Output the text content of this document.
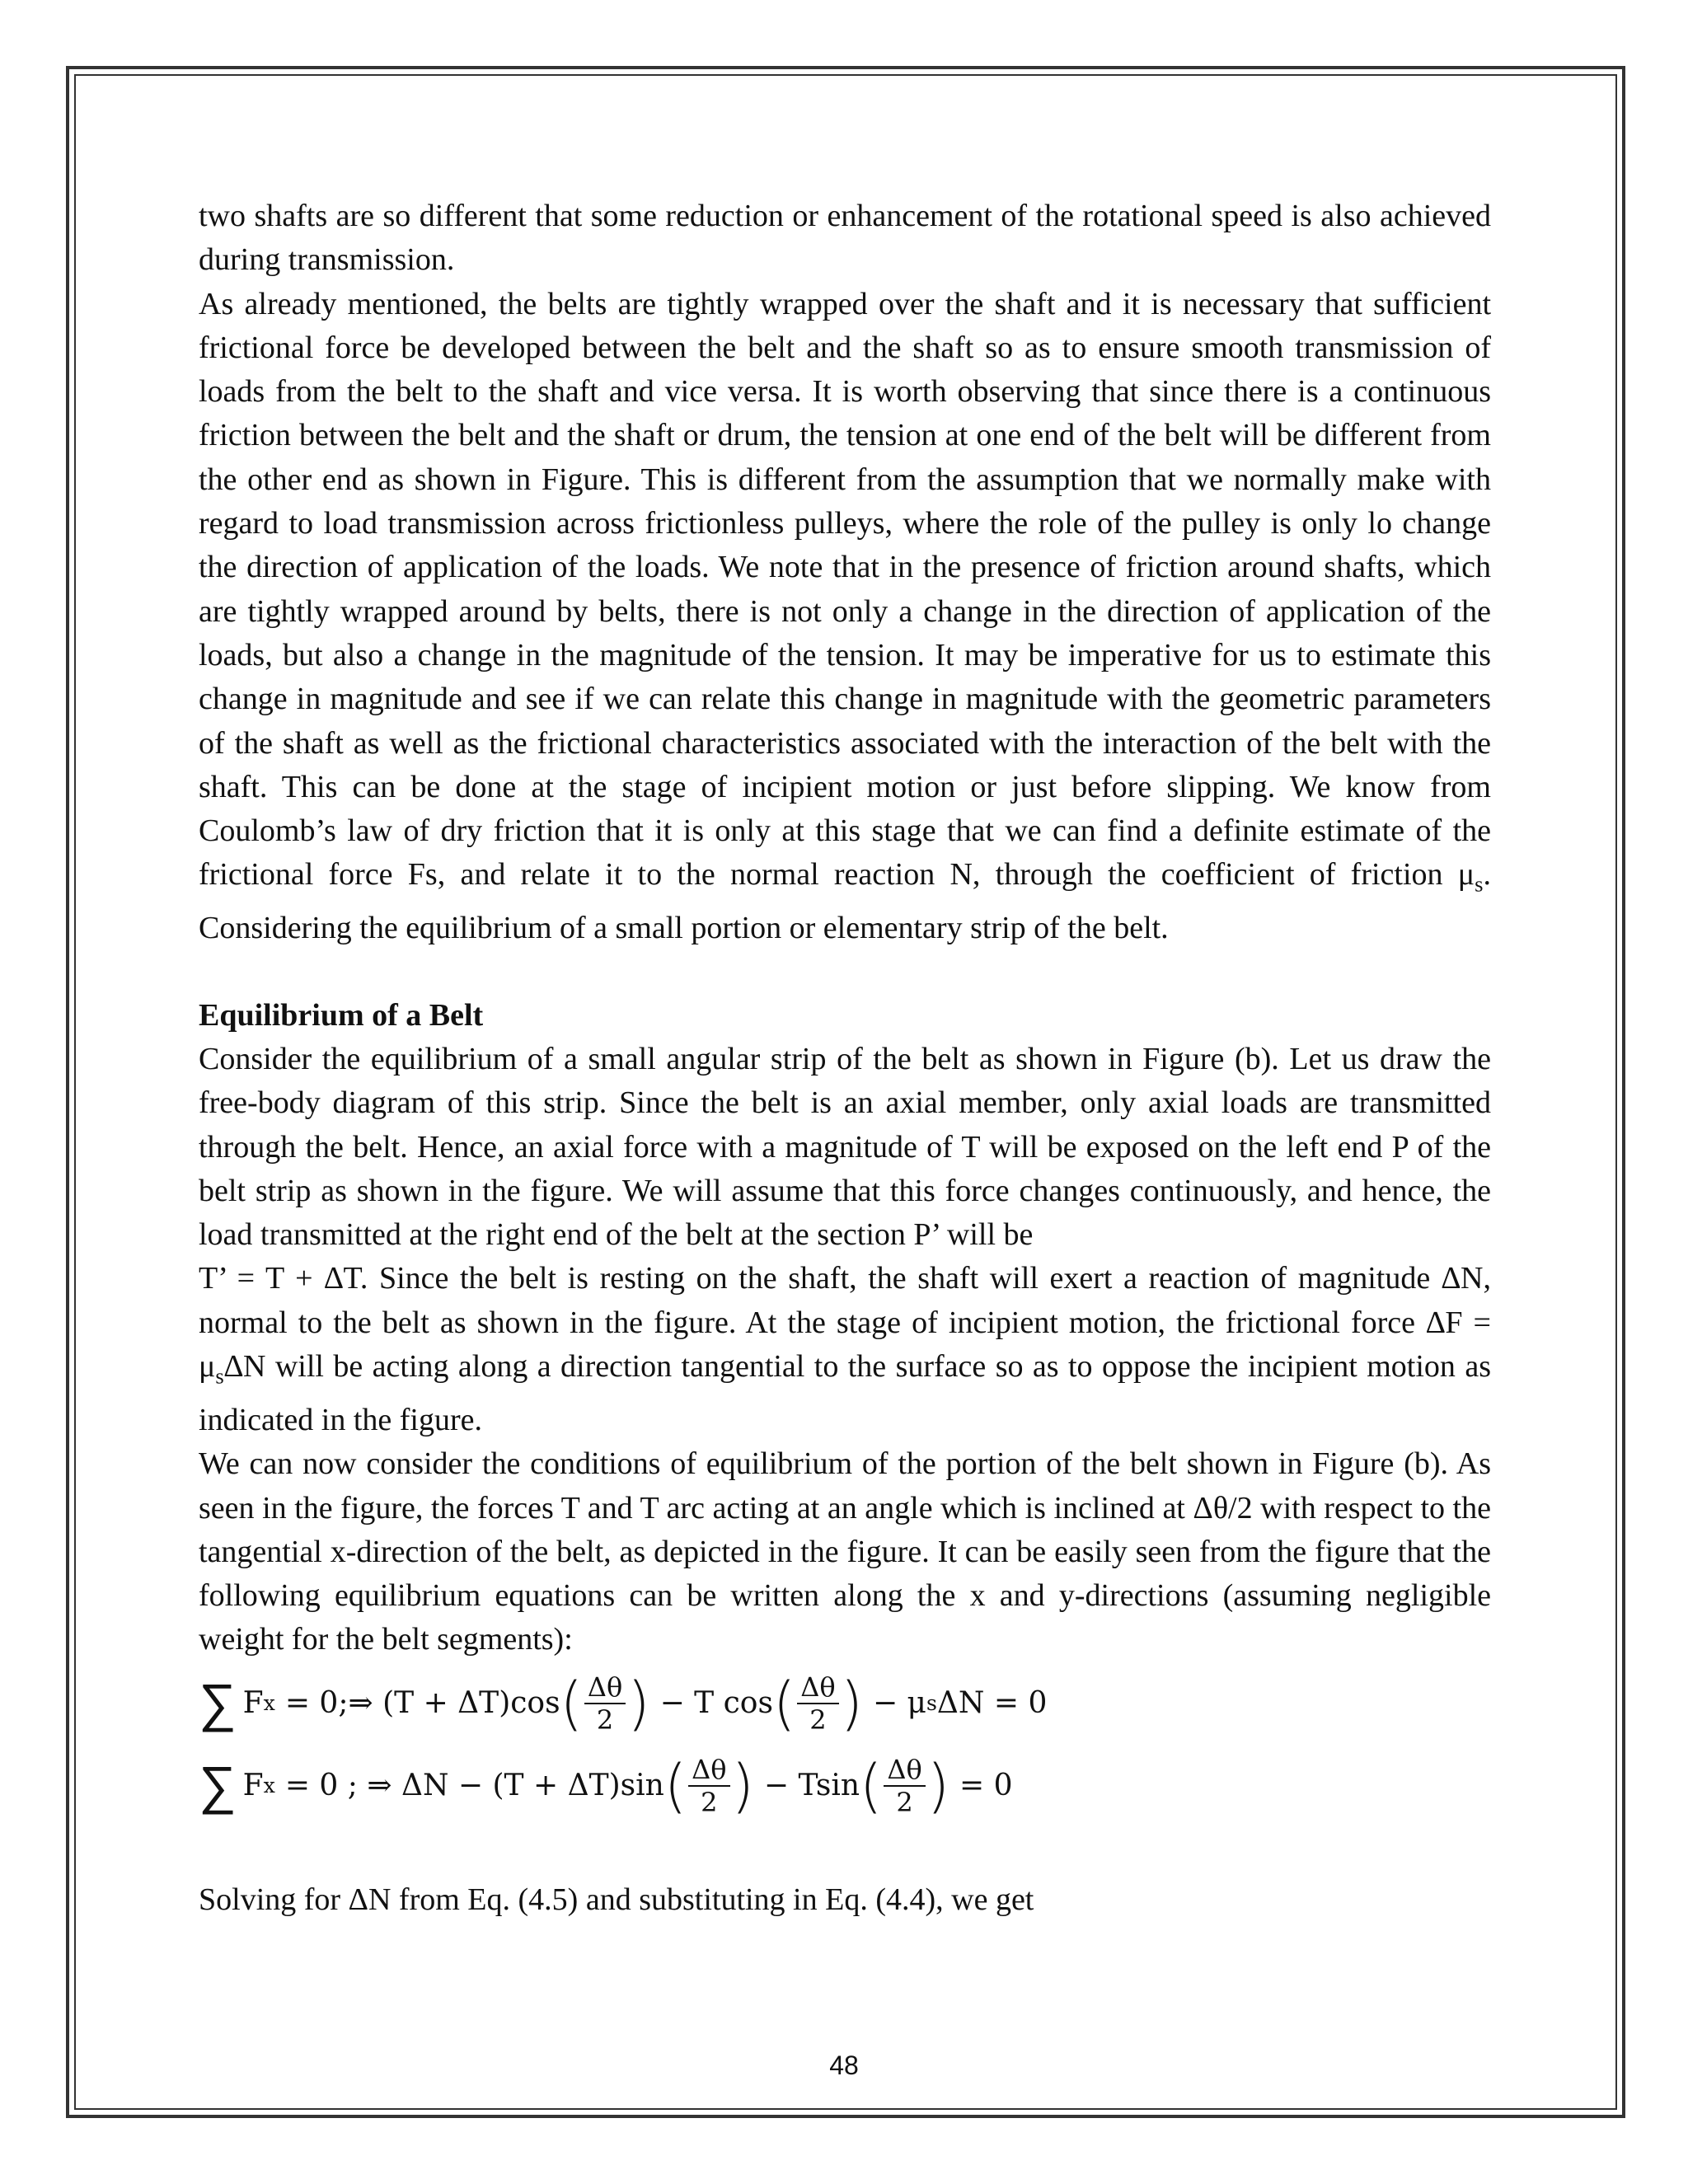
two shafts are so different that some reduction or enhancement of the rotational speed is also achieved during transmission.

As already mentioned, the belts are tightly wrapped over the shaft and it is necessary that sufficient frictional force be developed between the belt and the shaft so as to ensure smooth transmission of loads from the belt to the shaft and vice versa. It is worth observing that since there is a continuous friction between the belt and the shaft or drum, the tension at one end of the belt will be different from the other end as shown in Figure. This is different from the assumption that we normally make with regard to load transmission across frictionless pulleys, where the role of the pulley is only lo change the direction of application of the loads. We note that in the presence of friction around shafts, which are tightly wrapped around by belts, there is not only a change in the direction of application of the loads, but also a change in the magnitude of the tension. It may be imperative for us to estimate this change in magnitude and see if we can relate this change in magnitude with the geometric parameters of the shaft as well as the frictional characteristics associated with the interaction of the belt with the shaft. This can be done at the stage of incipient motion or just before slipping. We know from Coulomb’s law of dry friction that it is only at this stage that we can find a definite estimate of the frictional force Fs, and relate it to the normal reaction N, through the coefficient of friction $\mu_s$. Considering the equilibrium of a small portion or elementary strip of the belt.

Equilibrium of a Belt

Consider the equilibrium of a small angular strip of the belt as shown in Figure (b). Let us draw the free-body diagram of this strip. Since the belt is an axial member, only axial loads are transmitted through the belt. Hence, an axial force with a magnitude of T will be exposed on the left end P of the belt strip as shown in the figure. We will assume that this force changes continuously, and hence, the load transmitted at the right end of the belt at the section P’ will be

T’ = T + ∆T. Since the belt is resting on the shaft, the shaft will exert a reaction of magnitude ∆N, normal to the belt as shown in the figure. At the stage of incipient motion, the frictional force $\Delta F = \mu_s\Delta N$ will be acting along a direction tangential to the surface so as to oppose the incipient motion as indicated in the figure.

We can now consider the conditions of equilibrium of the portion of the belt shown in Figure (b). As seen in the figure, the forces T and T arc acting at an angle which is inclined at Δθ/2 with respect to the tangential x-direction of the belt, as depicted in the figure. It can be easily seen from the figure that the following equilibrium equations can be written along the x and y-directions (assuming negligible weight for the belt segments):

∑ F x = 0;⇒ (T + ΔT)cos ( $\frac{\Delta\theta}{2}$ ) − T cos ( $\frac{\Delta\theta}{2}$ ) − μ s ΔN = 0
∑ F x = 0 ; ⇒ ΔN − (T + ΔT)sin ( $\frac{\Delta\theta}{2}$ ) − Tsin ( $\frac{\Delta\theta}{2}$ ) = 0

Solving for ΔN from Eq. (4.5) and substituting in Eq. (4.4), we get

48
